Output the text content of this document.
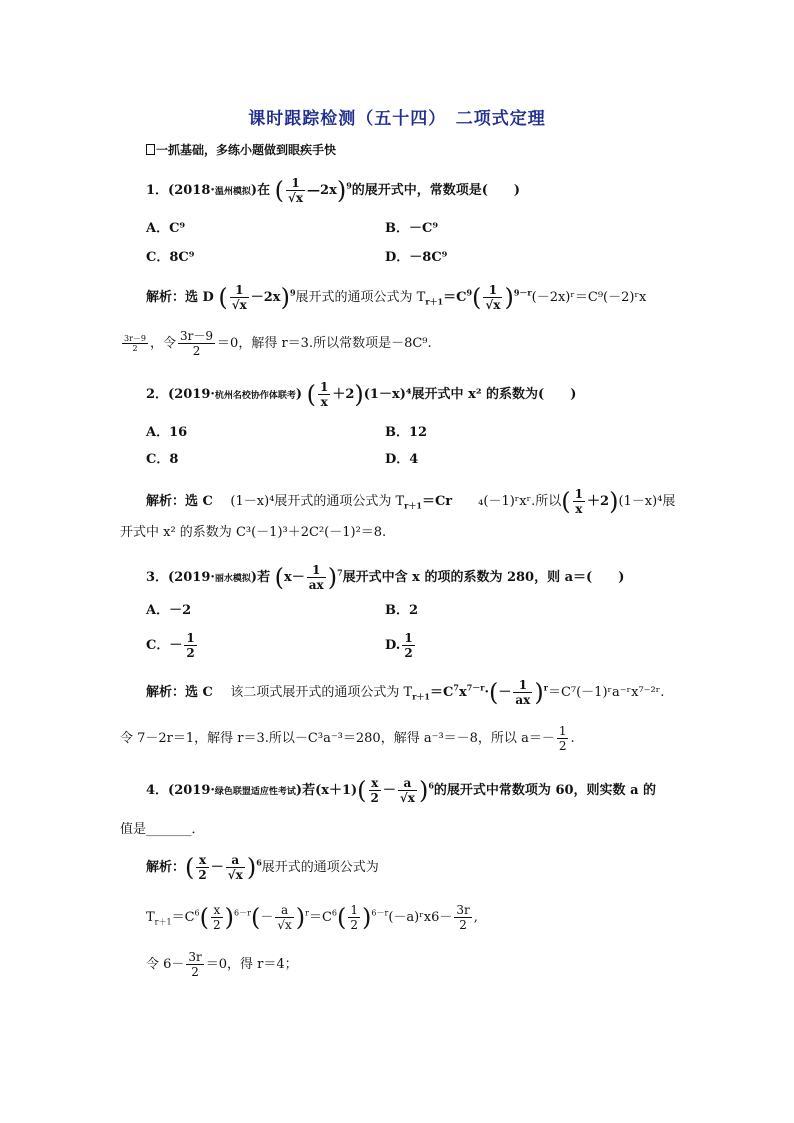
课时跟踪检测（五十四）　二项式定理
一抓基础，多练小题做到眼疾手快
1．(2018·温州模拟)在 ( $\frac{1}{√x}$ —2x)$^9$的展开式中，常数项是(　　)
A．C⁹	B．－C⁹
C．8C⁹	D．－8C⁹
解析：选 D ( $\frac{1}{√x} -2x)^9$展开式的通项公式为 $T_{r+1}=C^9( \frac{1}{√x}$ )$^{9-r}(-2x)ʳ=C^9(-2)ʳx$
$\frac{3r-9}{2}$ ，令 $\frac{3r-9}{2} =0$，解得 r＝3.所以常数项是－8C⁹.
2．(2019·杭州名校协作体联考) ( $\frac{1}{x} +2)(1-x)^4$展开式中 x² 的系数为(　　)
A．16	B．12
C．8	D．4
解析：选 C　 (1－x)⁴展开式的通项公式为 $T_{r+1}=Cr$　　₄(－1)ʳxʳ.所以( $\frac{1}{x} +2)(1-x)^4$展
开式中 x² 的系数为 C³(－1)³＋2C²(－1)²＝8.
3．(2019·丽水模拟)若 $(x- \frac{1}{ax} )^7$展开式中含 x 的项的系数为 280，则 a＝(　　)
A．－2	B．2
C．－ $\frac{1}{2}$	D. $\frac{1}{2}$
解析：选 C　 该二项式展开式的通项公式为 $T_{r+1}=C^7x^{7-r}\cdot(- \frac{1}{ax}$ )$^r=C^7(-1)ʳa^-ʳx^{7-2}ʳ$.
令 7－2r＝1，解得 r＝3.所以－C³a⁻³＝280，解得 a⁻³＝－8，所以 $a=- \frac{1}{2}$ .
4．(2019·绿色联盟适应性考试)若$(x+1)( \frac{x}{2} - \frac{a}{√x} )^6$的展开式中常数项为 60，则实数 a 的
值是_______．
解析：( $\frac{x}{2} - \frac{a}{√x} )^6$展开式的通项公式为
$T_{r+1}=C^6( \frac{x}{2} )^{6-r}(- \frac{a}{√x} )^r=C^6( \frac{1}{2}$ )$^{6-r}(-a)ʳx6- \frac{3r}{2}$ ,
令 $6- \frac{3r}{2} =0$，得 r＝4；
